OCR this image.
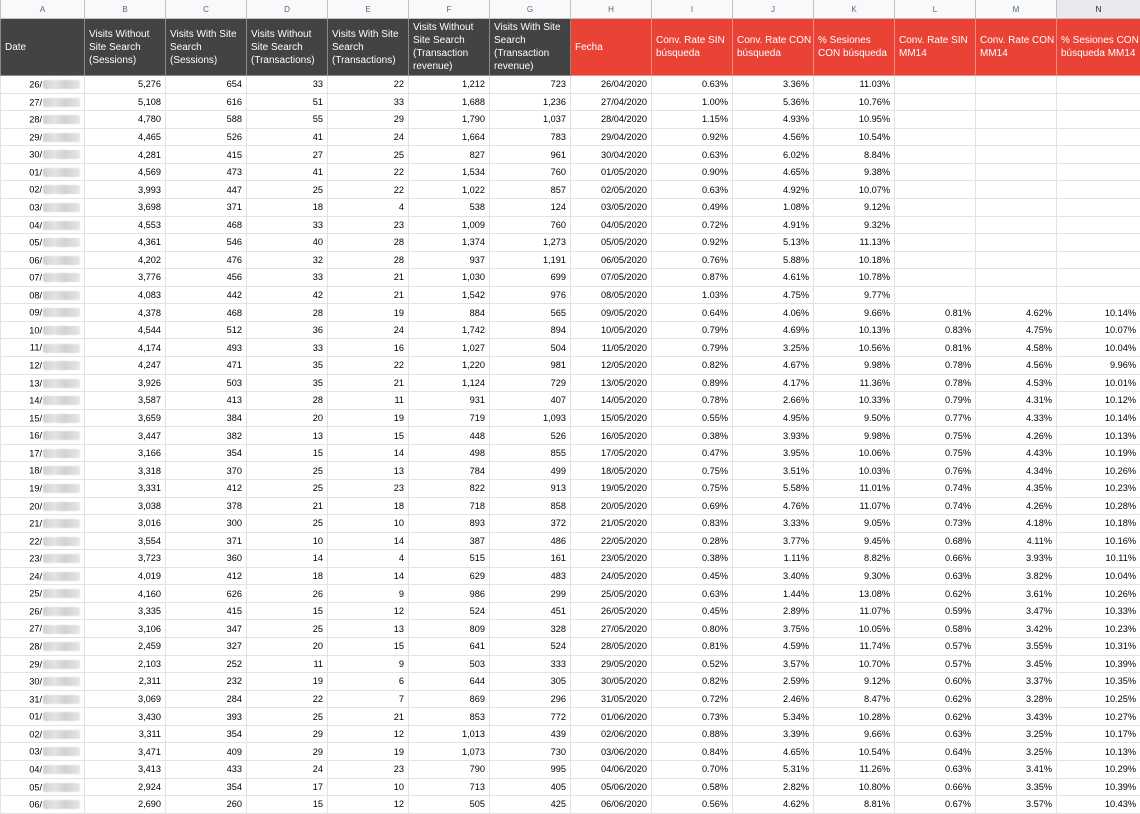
A	B	C	D	E	F	G	H	I	J	K	L	M	N
Date	Visits Without Site Search (Sessions)	Visits With Site Search (Sessions)	Visits Without Site Search (Transactions)	Visits With Site Search (Transactions)	Visits Without Site Search (Transaction revenue)	Visits With Site Search (Transaction revenue)	Fecha	Conv. Rate SIN búsqueda	Conv. Rate CON búsqueda	% Sesiones CON búsqueda	Conv. Rate SIN MM14	Conv. Rate CON MM14	% Sesiones CON búsqueda MM14
26/	5,276	654	33	22	1,212	723	26/04/2020	0.63%	3.36%	11.03%			
27/	5,108	616	51	33	1,688	1,236	27/04/2020	1.00%	5.36%	10.76%			
28/	4,780	588	55	29	1,790	1,037	28/04/2020	1.15%	4.93%	10.95%			
29/	4,465	526	41	24	1,664	783	29/04/2020	0.92%	4.56%	10.54%			
30/	4,281	415	27	25	827	961	30/04/2020	0.63%	6.02%	8.84%			
01/	4,569	473	41	22	1,534	760	01/05/2020	0.90%	4.65%	9.38%			
02/	3,993	447	25	22	1,022	857	02/05/2020	0.63%	4.92%	10.07%			
03/	3,698	371	18	4	538	124	03/05/2020	0.49%	1.08%	9.12%			
04/	4,553	468	33	23	1,009	760	04/05/2020	0.72%	4.91%	9.32%			
05/	4,361	546	40	28	1,374	1,273	05/05/2020	0.92%	5.13%	11.13%			
06/	4,202	476	32	28	937	1,191	06/05/2020	0.76%	5.88%	10.18%			
07/	3,776	456	33	21	1,030	699	07/05/2020	0.87%	4.61%	10.78%			
08/	4,083	442	42	21	1,542	976	08/05/2020	1.03%	4.75%	9.77%			
09/	4,378	468	28	19	884	565	09/05/2020	0.64%	4.06%	9.66%	0.81%	4.62%	10.14%
10/	4,544	512	36	24	1,742	894	10/05/2020	0.79%	4.69%	10.13%	0.83%	4.75%	10.07%
11/	4,174	493	33	16	1,027	504	11/05/2020	0.79%	3.25%	10.56%	0.81%	4.58%	10.04%
12/	4,247	471	35	22	1,220	981	12/05/2020	0.82%	4.67%	9.98%	0.78%	4.56%	9.96%
13/	3,926	503	35	21	1,124	729	13/05/2020	0.89%	4.17%	11.36%	0.78%	4.53%	10.01%
14/	3,587	413	28	11	931	407	14/05/2020	0.78%	2.66%	10.33%	0.79%	4.31%	10.12%
15/	3,659	384	20	19	719	1,093	15/05/2020	0.55%	4.95%	9.50%	0.77%	4.33%	10.14%
16/	3,447	382	13	15	448	526	16/05/2020	0.38%	3.93%	9.98%	0.75%	4.26%	10.13%
17/	3,166	354	15	14	498	855	17/05/2020	0.47%	3.95%	10.06%	0.75%	4.43%	10.19%
18/	3,318	370	25	13	784	499	18/05/2020	0.75%	3.51%	10.03%	0.76%	4.34%	10.26%
19/	3,331	412	25	23	822	913	19/05/2020	0.75%	5.58%	11.01%	0.74%	4.35%	10.23%
20/	3,038	378	21	18	718	858	20/05/2020	0.69%	4.76%	11.07%	0.74%	4.26%	10.28%
21/	3,016	300	25	10	893	372	21/05/2020	0.83%	3.33%	9.05%	0.73%	4.18%	10.18%
22/	3,554	371	10	14	387	486	22/05/2020	0.28%	3.77%	9.45%	0.68%	4.11%	10.16%
23/	3,723	360	14	4	515	161	23/05/2020	0.38%	1.11%	8.82%	0.66%	3.93%	10.11%
24/	4,019	412	18	14	629	483	24/05/2020	0.45%	3.40%	9.30%	0.63%	3.82%	10.04%
25/	4,160	626	26	9	986	299	25/05/2020	0.63%	1.44%	13.08%	0.62%	3.61%	10.26%
26/	3,335	415	15	12	524	451	26/05/2020	0.45%	2.89%	11.07%	0.59%	3.47%	10.33%
27/	3,106	347	25	13	809	328	27/05/2020	0.80%	3.75%	10.05%	0.58%	3.42%	10.23%
28/	2,459	327	20	15	641	524	28/05/2020	0.81%	4.59%	11.74%	0.57%	3.55%	10.31%
29/	2,103	252	11	9	503	333	29/05/2020	0.52%	3.57%	10.70%	0.57%	3.45%	10.39%
30/	2,311	232	19	6	644	305	30/05/2020	0.82%	2.59%	9.12%	0.60%	3.37%	10.35%
31/	3,069	284	22	7	869	296	31/05/2020	0.72%	2.46%	8.47%	0.62%	3.28%	10.25%
01/	3,430	393	25	21	853	772	01/06/2020	0.73%	5.34%	10.28%	0.62%	3.43%	10.27%
02/	3,311	354	29	12	1,013	439	02/06/2020	0.88%	3.39%	9.66%	0.63%	3.25%	10.17%
03/	3,471	409	29	19	1,073	730	03/06/2020	0.84%	4.65%	10.54%	0.64%	3.25%	10.13%
04/	3,413	433	24	23	790	995	04/06/2020	0.70%	5.31%	11.26%	0.63%	3.41%	10.29%
05/	2,924	354	17	10	713	405	05/06/2020	0.58%	2.82%	10.80%	0.66%	3.35%	10.39%
06/	2,690	260	15	12	505	425	06/06/2020	0.56%	4.62%	8.81%	0.67%	3.57%	10.43%
